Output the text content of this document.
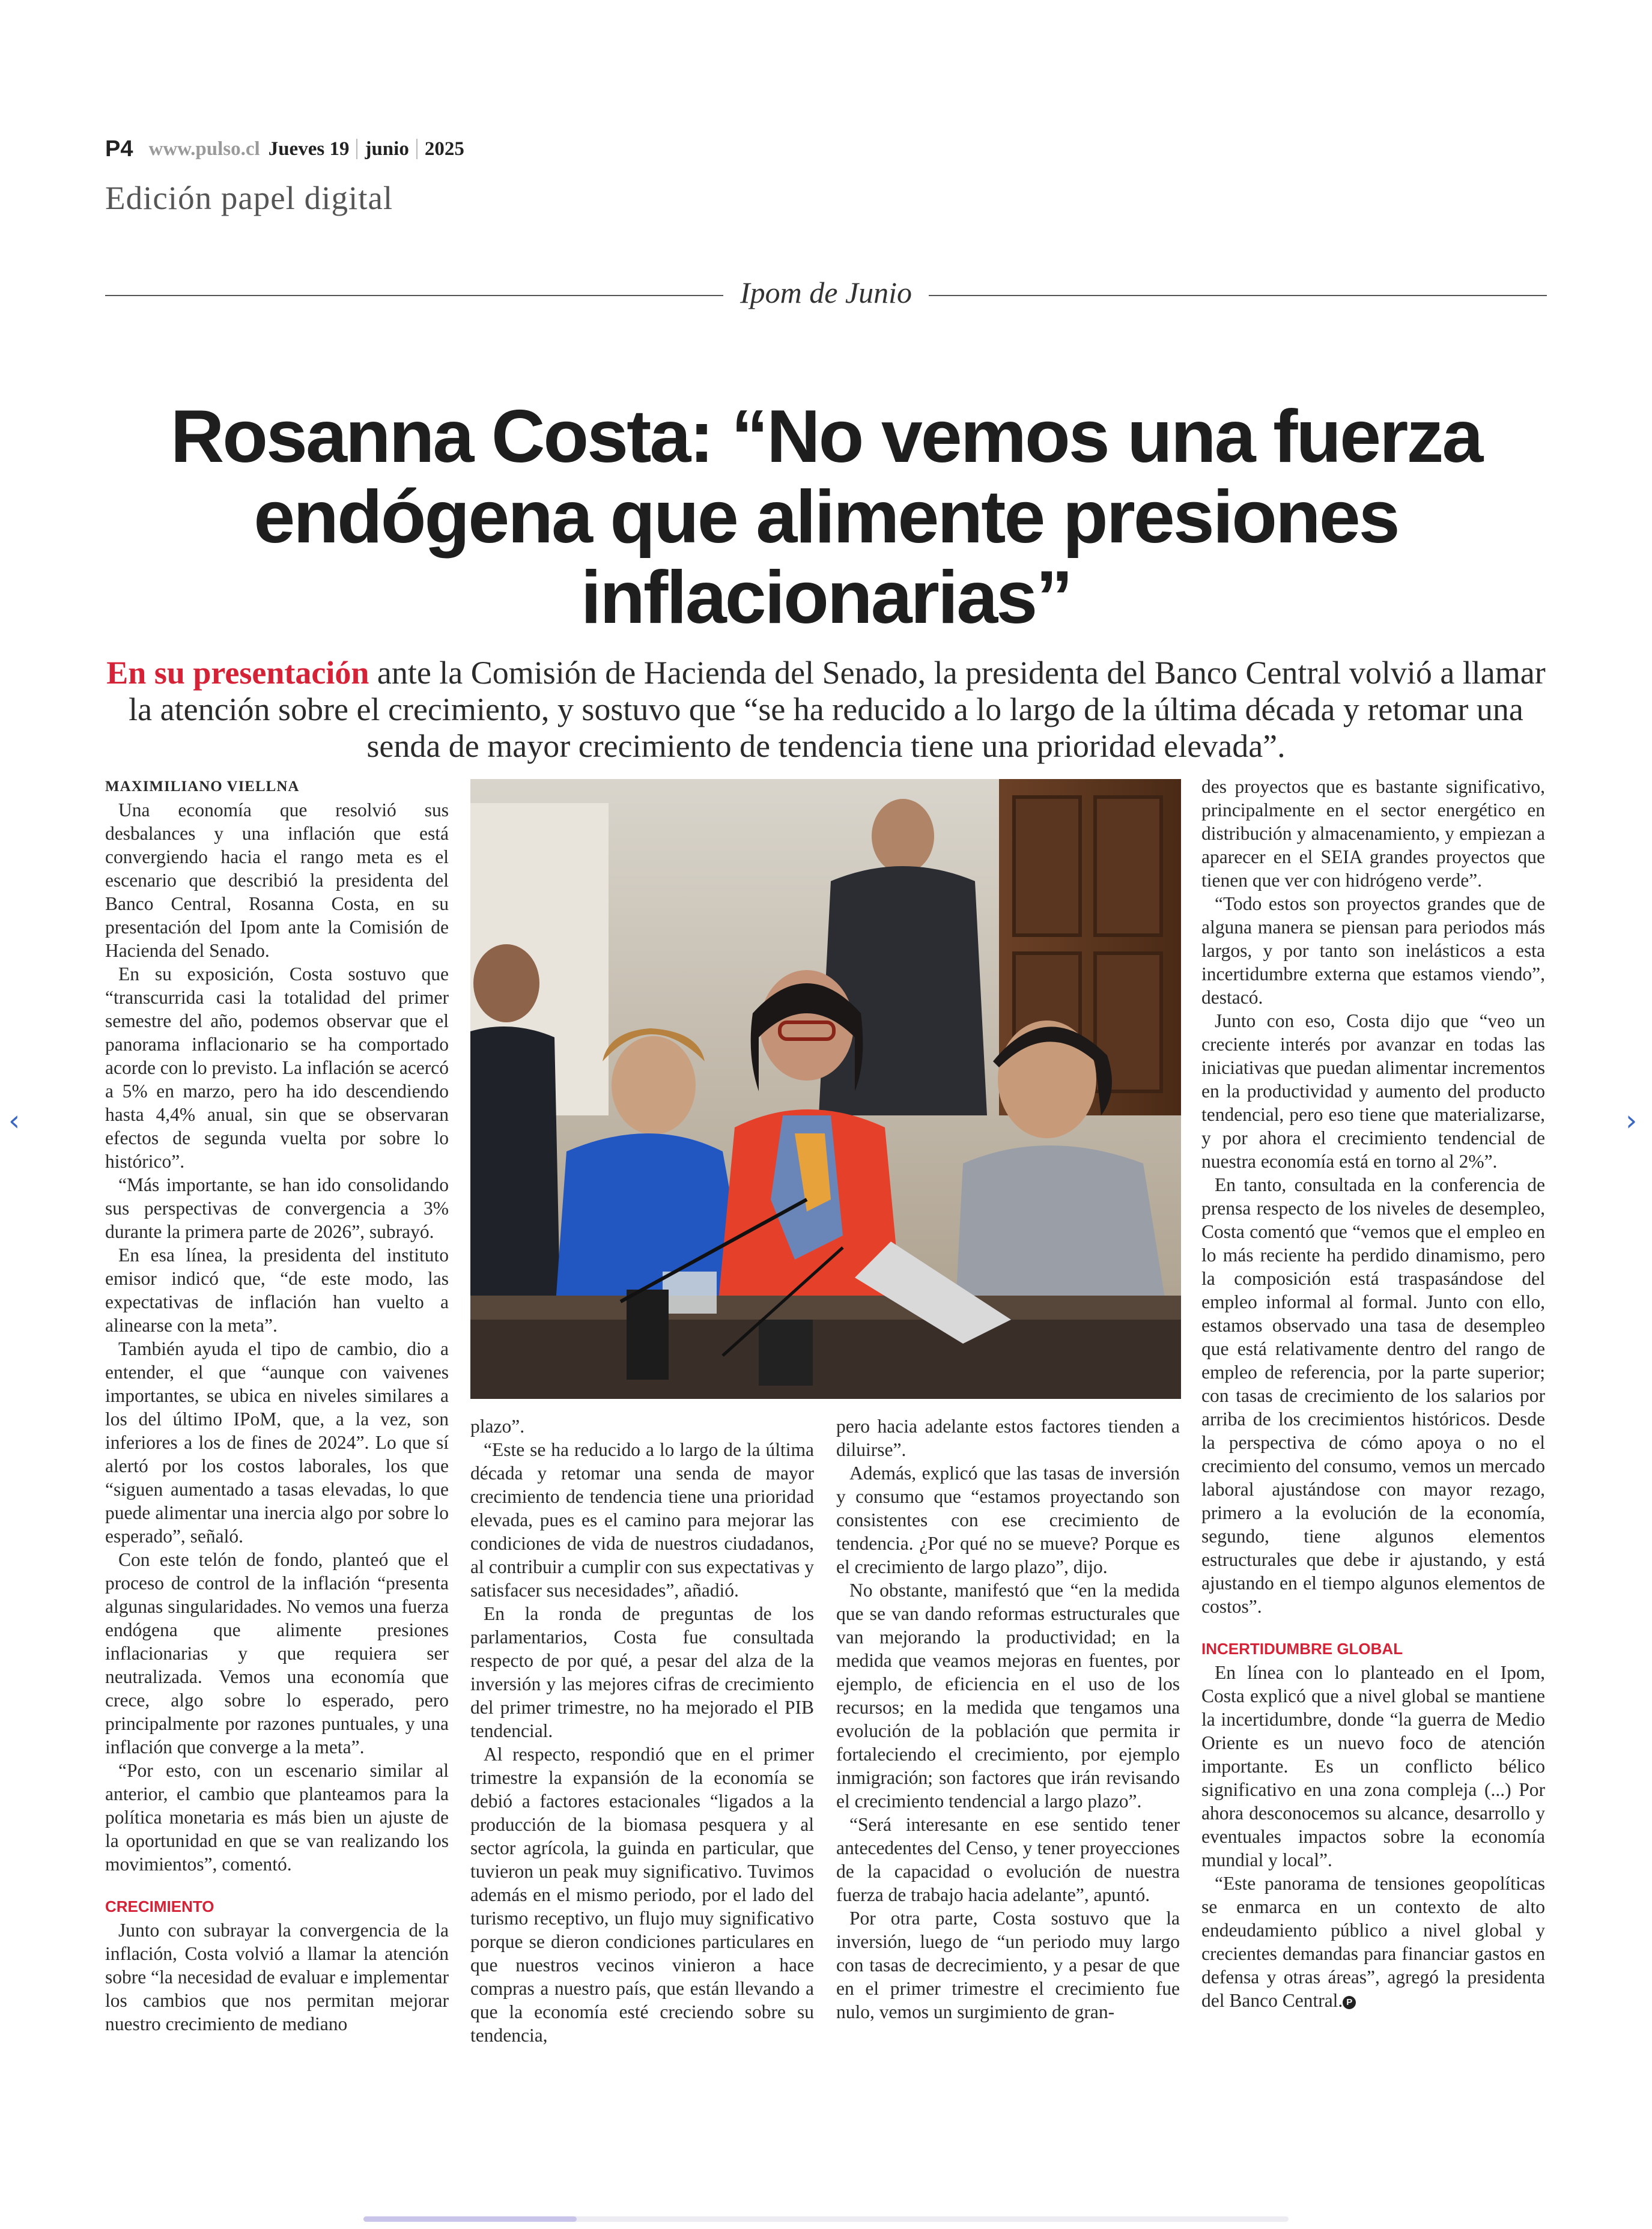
P4 www.pulso.cl Jueves 19 junio 2025
Edición papel digital
Ipom de Junio
Rosanna Costa: “No vemos una fuerza
endógena que alimente presiones
inflacionarias”
En su presentación ante la Comisión de Hacienda del Senado, la presidenta del Banco Central volvió a llamar la atención sobre el crecimiento, y sostuvo que “se ha reducido a lo largo de la última década y retomar una senda de mayor crecimiento de tendencia tiene una prioridad elevada”.

MAXIMILIANO VIELLNA

Una economía que resolvió sus desbalances y una inflación que está convergiendo hacia el rango meta es el escenario que describió la presidenta del Banco Central, Rosanna Costa, en su presentación del Ipom ante la Comisión de Hacienda del Senado.

En su exposición, Costa sostuvo que “transcurrida casi la totalidad del primer semestre del año, podemos observar que el panorama inflacionario se ha comportado acorde con lo previsto. La inflación se acercó a 5% en marzo, pero ha ido descendiendo hasta 4,4% anual, sin que se observaran efectos de segunda vuelta por sobre lo histórico”.

“Más importante, se han ido consolidando sus perspectivas de convergencia a 3% durante la primera parte de 2026”, subrayó.

En esa línea, la presidenta del instituto emisor indicó que, “de este modo, las expectativas de inflación han vuelto a alinearse con la meta”.

También ayuda el tipo de cambio, dio a entender, el que “aunque con vaivenes importantes, se ubica en niveles similares a los del último IPoM, que, a la vez, son inferiores a los de fines de 2024”. Lo que sí alertó por los costos laborales, los que “siguen aumentado a tasas elevadas, lo que puede alimentar una inercia algo por sobre lo esperado”, señaló.

Con este telón de fondo, planteó que el proceso de control de la inflación “presenta algunas singularidades. No vemos una fuerza endógena que alimente presiones inflacionarias y que requiera ser neutralizada. Vemos una economía que crece, algo sobre lo esperado, pero principalmente por razones puntuales, y una inflación que converge a la meta”.

“Por esto, con un escenario similar al anterior, el cambio que planteamos para la política monetaria es más bien un ajuste de la oportunidad en que se van realizando los movimientos”, comentó.

CRECIMIENTO

Junto con subrayar la convergencia de la inflación, Costa volvió a llamar la atención sobre “la necesidad de evaluar e implementar los cambios que nos permitan mejorar nuestro crecimiento de mediano

plazo”.

“Este se ha reducido a lo largo de la última década y retomar una senda de mayor crecimiento de tendencia tiene una prioridad elevada, pues es el camino para mejorar las condiciones de vida de nuestros ciudadanos, al contribuir a cumplir con sus expectativas y satisfacer sus necesidades”, añadió.

En la ronda de preguntas de los parlamentarios, Costa fue consultada respecto de por qué, a pesar del alza de la inversión y las mejores cifras de crecimiento del primer trimestre, no ha mejorado el PIB tendencial.

Al respecto, respondió que en el primer trimestre la expansión de la economía se debió a factores estacionales “ligados a la producción de la biomasa pesquera y al sector agrícola, la guinda en particular, que tuvieron un peak muy significativo. Tuvimos además en el mismo periodo, por el lado del turismo receptivo, un flujo muy significativo porque se dieron condiciones particulares en que nuestros vecinos vinieron a hace compras a nuestro país, que están llevando a que la economía esté creciendo sobre su tendencia,

pero hacia adelante estos factores tienden a diluirse”.

Además, explicó que las tasas de inversión y consumo que “estamos proyectando son consistentes con ese crecimiento de tendencia. ¿Por qué no se mueve? Porque es el crecimiento de largo plazo”, dijo.

No obstante, manifestó que “en la medida que se van dando reformas estructurales que van mejorando la productividad; en la medida que veamos mejoras en fuentes, por ejemplo, de eficiencia en el uso de los recursos; en la medida que tengamos una evolución de la población que permita ir fortaleciendo el crecimiento, por ejemplo inmigración; son factores que irán revisando el crecimiento tendencial a largo plazo”.

“Será interesante en ese sentido tener antecedentes del Censo, y tener proyecciones de la capacidad o evolución de nuestra fuerza de trabajo hacia adelante”, apuntó.

Por otra parte, Costa sostuvo que la inversión, luego de “un periodo muy largo con tasas de decrecimiento, y a pesar de que en el primer trimestre el crecimiento fue nulo, vemos un surgimiento de gran-

des proyectos que es bastante significativo, principalmente en el sector energético en distribución y almacenamiento, y empiezan a aparecer en el SEIA grandes proyectos que tienen que ver con hidrógeno verde”.

“Todo estos son proyectos grandes que de alguna manera se piensan para periodos más largos, y por tanto son inelásticos a esta incertidumbre externa que estamos viendo”, destacó.

Junto con eso, Costa dijo que “veo un creciente interés por avanzar en todas las iniciativas que puedan alimentar incrementos en la productividad y aumento del producto tendencial, pero eso tiene que materializarse, y por ahora el crecimiento tendencial de nuestra economía está en torno al 2%”.

En tanto, consultada en la conferencia de prensa respecto de los niveles de desempleo, Costa comentó que “vemos que el empleo en lo más reciente ha perdido dinamismo, pero la composición está traspasándose del empleo informal al formal. Junto con ello, estamos observado una tasa de desempleo que está relativamente dentro del rango de empleo de referencia, por la parte superior; con tasas de crecimiento de los salarios por arriba de los crecimientos históricos. Desde la perspectiva de cómo apoya o no el crecimiento del consumo, vemos un mercado laboral ajustándose con mayor rezago, primero a la evolución de la economía, segundo, tiene algunos elementos estructurales que debe ir ajustando, y está ajustando en el tiempo algunos elementos de costos”.

INCERTIDUMBRE GLOBAL

En línea con lo planteado en el Ipom, Costa explicó que a nivel global se mantiene la incertidumbre, donde “la guerra de Medio Oriente es un nuevo foco de atención importante. Es un conflicto bélico significativo en una zona compleja (...) Por ahora desconocemos su alcance, desarrollo y eventuales impactos sobre la economía mundial y local”.

“Este panorama de tensiones geopolíticas se enmarca en un contexto de alto endeudamiento público a nivel global y crecientes demandas para financiar gastos en defensa y otras áreas”, agregó la presidenta del Banco Central. P

‹	›
